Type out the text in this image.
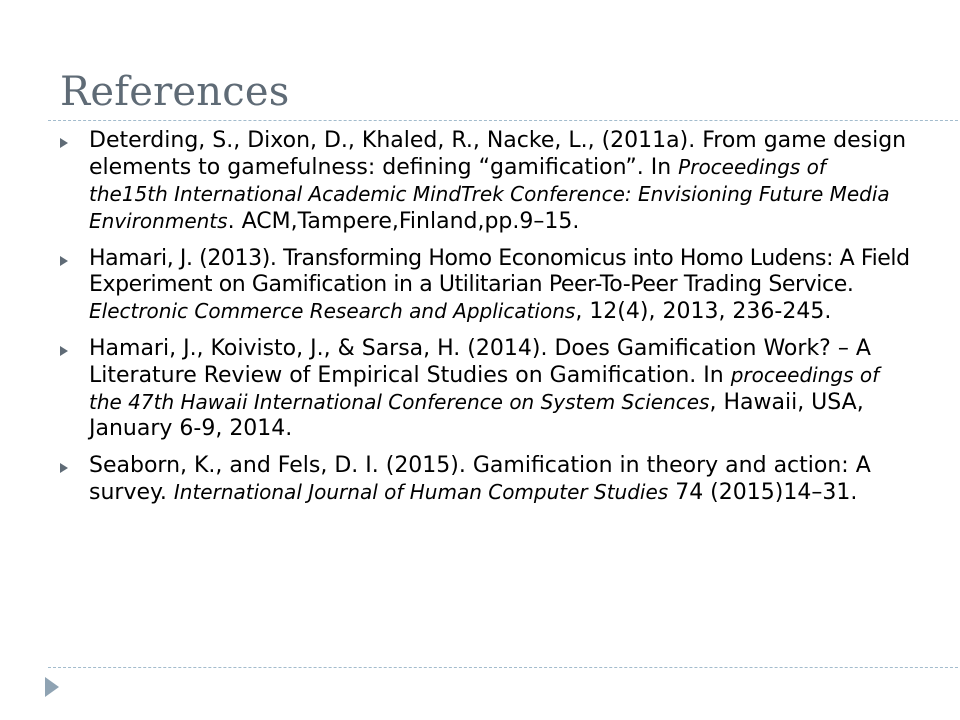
References
Deterding, S., Dixon, D., Khaled, R., Nacke, L., (2011a). From game design elements to gamefulness: defining “gamification”. In Proceedings of the15th International Academic MindTrek Conference: Envisioning Future Media Environments. ACM,Tampere,Finland,pp.9–15.
Hamari, J. (2013). Transforming Homo Economicus into Homo Ludens: A Field Experiment on Gamification in a Utilitarian Peer-To-Peer Trading Service. Electronic Commerce Research and Applications, 12(4), 2013, 236-245.
Hamari, J., Koivisto, J., & Sarsa, H. (2014). Does Gamification Work? – A Literature Review of Empirical Studies on Gamification. In proceedings of the 47th Hawaii International Conference on System Sciences, Hawaii, USA, January 6-9, 2014.
Seaborn, K., and Fels, D. I. (2015). Gamification in theory and action: A survey. International Journal of Human Computer Studies 74 (2015)14–31.
